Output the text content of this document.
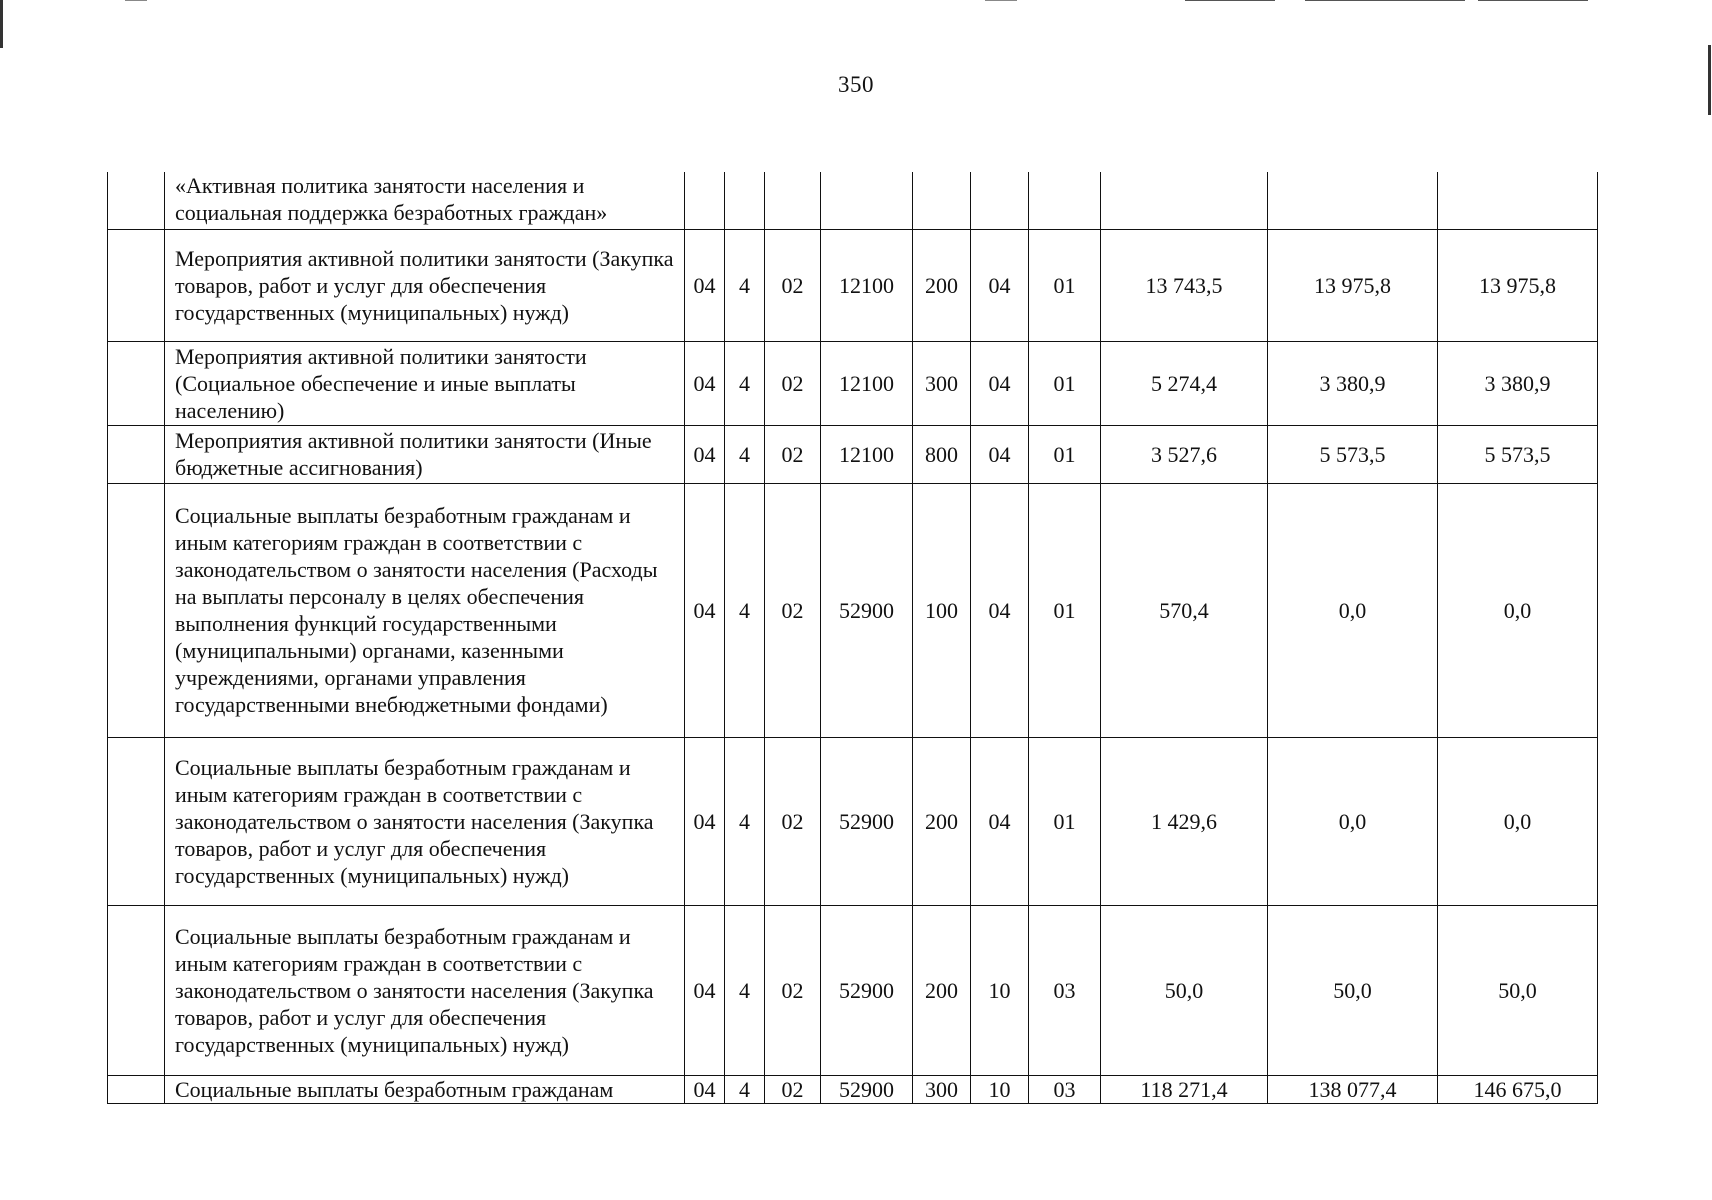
350
	«Активная политика занятости населения и социальная поддержка безработных граждан»										
	Мероприятия активной политики занятости (Закупка товаров, работ и услуг для обеспечения государственных (муниципальных) нужд)	04	4	02	12100	200	04	01	13 743,5	13 975,8	13 975,8
	Мероприятия активной политики занятости (Социальное обеспечение и иные выплаты населению)	04	4	02	12100	300	04	01	5 274,4	3 380,9	3 380,9
	Мероприятия активной политики занятости (Иные бюджетные ассигнования)	04	4	02	12100	800	04	01	3 527,6	5 573,5	5 573,5
	Социальные выплаты безработным гражданам и иным категориям граждан в соответствии с законодательством о занятости населения (Расходы на выплаты персоналу в целях обеспечения выполнения функций государственными (муниципальными) органами, казенными учреждениями, органами управления государственными внебюджетными фондами)	04	4	02	52900	100	04	01	570,4	0,0	0,0
	Социальные выплаты безработным гражданам и иным категориям граждан в соответствии с законодательством о занятости населения (Закупка товаров, работ и услуг для обеспечения государственных (муниципальных) нужд)	04	4	02	52900	200	04	01	1 429,6	0,0	0,0
	Социальные выплаты безработным гражданам и иным категориям граждан в соответствии с законодательством о занятости населения (Закупка товаров, работ и услуг для обеспечения государственных (муниципальных) нужд)	04	4	02	52900	200	10	03	50,0	50,0	50,0
	Социальные выплаты безработным гражданам	04	4	02	52900	300	10	03	118 271,4	138 077,4	146 675,0
